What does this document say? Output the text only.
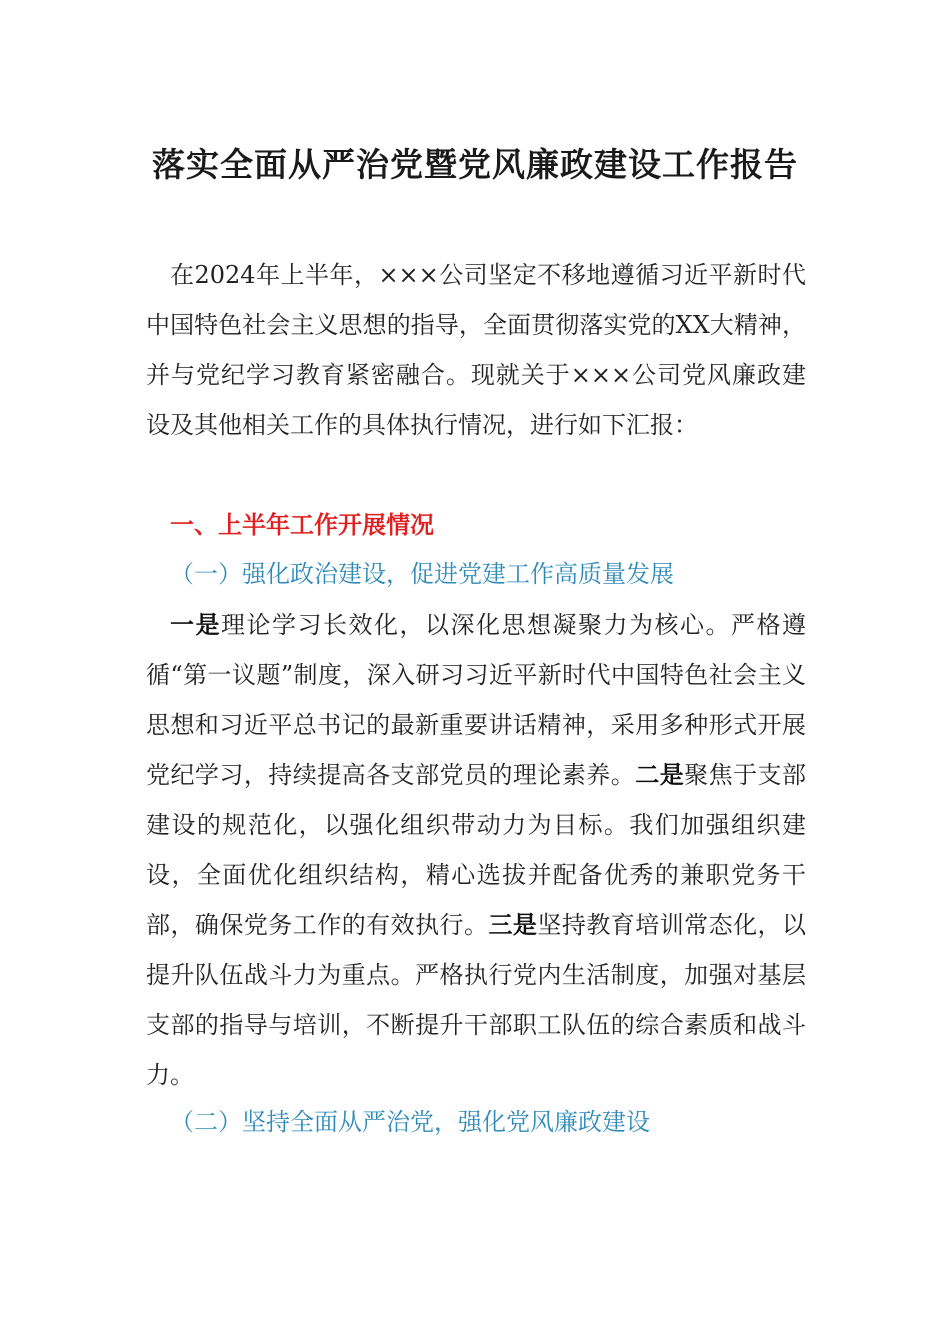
落实全面从严治党暨党风廉政建设工作报告
在2024年上半年，×××公司坚定不移地遵循习近平新时代中国特色社会主义思想的指导，全面贯彻落实党的XX大精神，并与党纪学习教育紧密融合。现就关于×××公司党风廉政建设及其他相关工作的具体执行情况，进行如下汇报：
一、上半年工作开展情况
（一）强化政治建设，促进党建工作高质量发展
一是理论学习长效化，以深化思想凝聚力为核心。严格遵循“第一议题”制度，深入研习习近平新时代中国特色社会主义思想和习近平总书记的最新重要讲话精神，采用多种形式开展党纪学习，持续提高各支部党员的理论素养。二是聚焦于支部建设的规范化，以强化组织带动力为目标。我们加强组织建设，全面优化组织结构，精心选拔并配备优秀的兼职党务干部，确保党务工作的有效执行。三是坚持教育培训常态化，以提升队伍战斗力为重点。严格执行党内生活制度，加强对基层支部的指导与培训，不断提升干部职工队伍的综合素质和战斗力。
（二）坚持全面从严治党，强化党风廉政建设
